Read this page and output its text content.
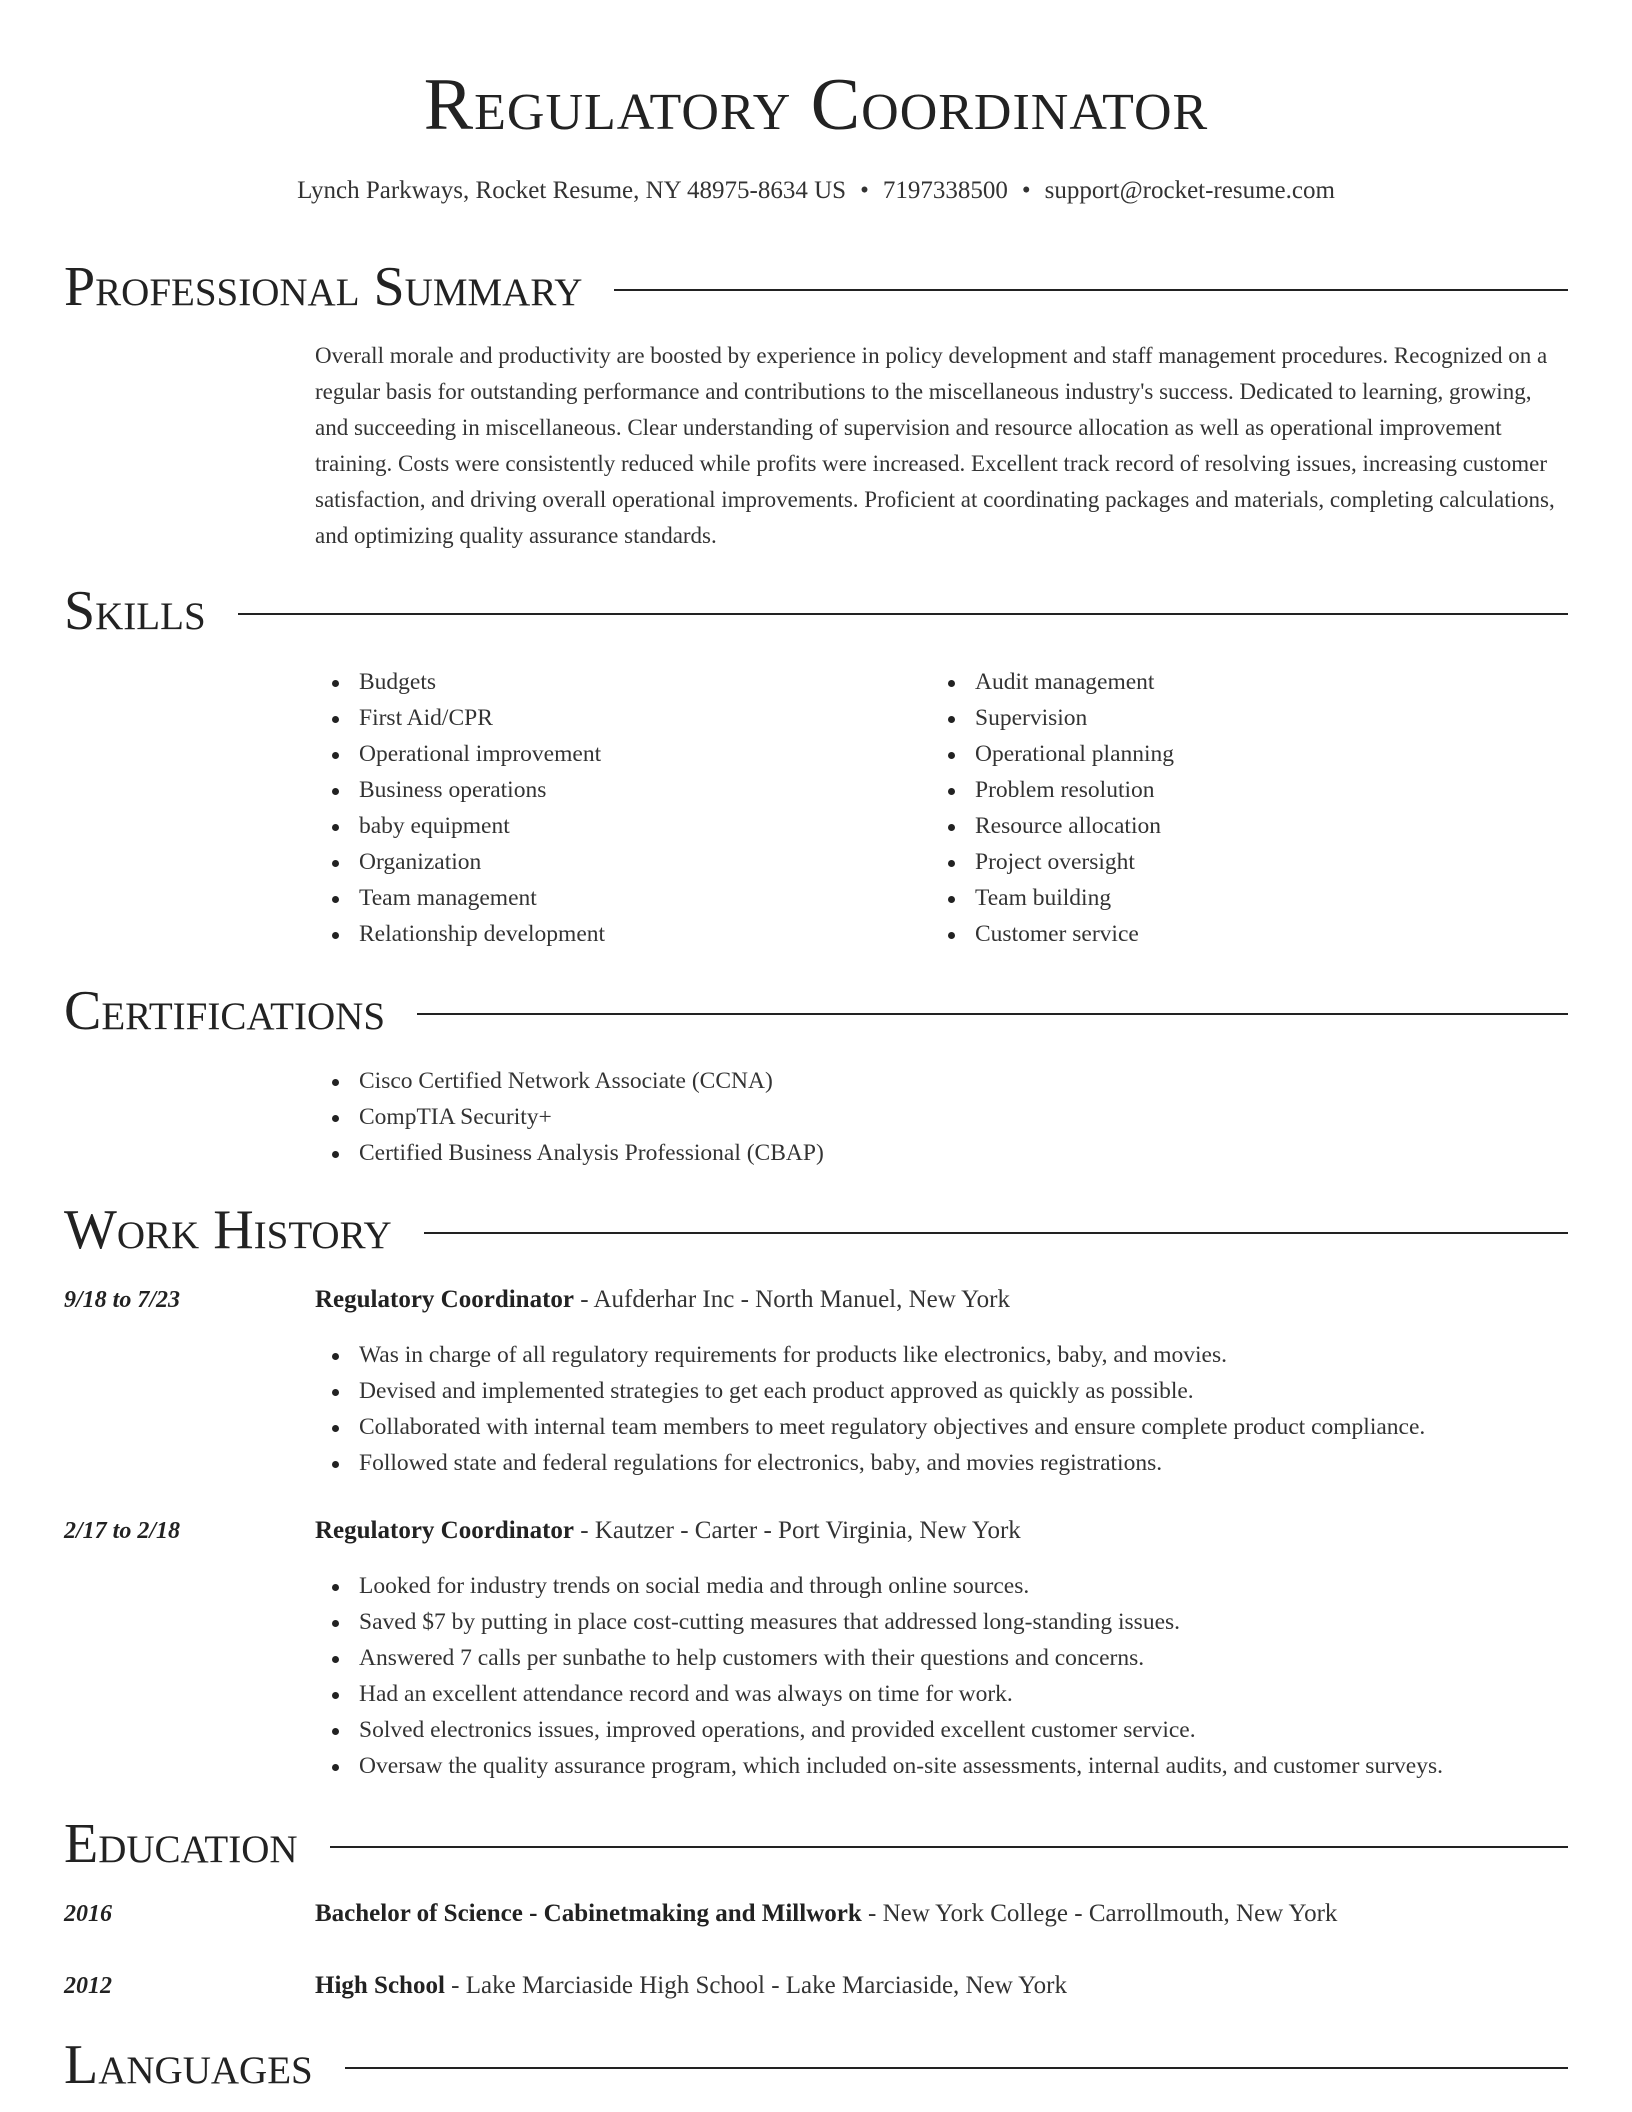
Regulatory Coordinator
Lynch Parkways, Rocket Resume, NY 48975-8634 US • 7197338500 • support@rocket-resume.com
Professional Summary

Overall morale and productivity are boosted by experience in policy development and staff management procedures. Recognized on a regular basis for outstanding performance and contributions to the miscellaneous industry's success. Dedicated to learning, growing, and succeeding in miscellaneous. Clear understanding of supervision and resource allocation as well as operational improvement training. Costs were consistently reduced while profits were increased. Excellent track record of resolving issues, increasing customer satisfaction, and driving overall operational improvements. Proficient at coordinating packages and materials, completing calculations, and optimizing quality assurance standards.

Skills
Budgets
First Aid/CPR
Operational improvement
Business operations
baby equipment
Organization
Team management
Relationship development
Audit management
Supervision
Operational planning
Problem resolution
Resource allocation
Project oversight
Team building
Customer service
Certifications
Cisco Certified Network Associate (CCNA)
CompTIA Security+
Certified Business Analysis Professional (CBAP)
Work History
9/18 to 7/23	Regulatory Coordinator - Aufderhar Inc - North Manuel, New York
Was in charge of all regulatory requirements for products like electronics, baby, and movies.
Devised and implemented strategies to get each product approved as quickly as possible.
Collaborated with internal team members to meet regulatory objectives and ensure complete product compliance.
Followed state and federal regulations for electronics, baby, and movies registrations.
2/17 to 2/18	Regulatory Coordinator - Kautzer - Carter - Port Virginia, New York
Looked for industry trends on social media and through online sources.
Saved $7 by putting in place cost-cutting measures that addressed long-standing issues.
Answered 7 calls per sunbathe to help customers with their questions and concerns.
Had an excellent attendance record and was always on time for work.
Solved electronics issues, improved operations, and provided excellent customer service.
Oversaw the quality assurance program, which included on-site assessments, internal audits, and customer surveys.
Education
2016	Bachelor of Science - Cabinetmaking and Millwork - New York College - Carrollmouth, New York
2012	High School - Lake Marciaside High School - Lake Marciaside, New York
Languages
